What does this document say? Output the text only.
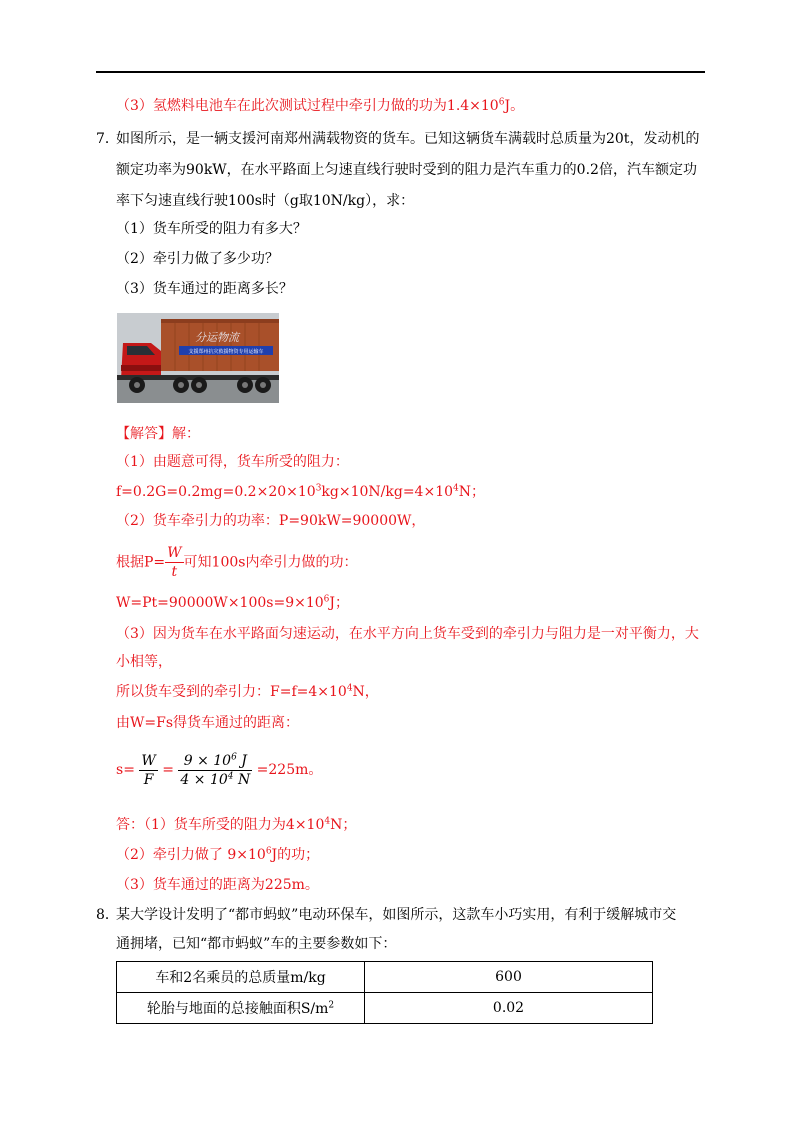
（3）氢燃料电池车在此次测试过程中牵引力做的功为$1.4\times 10^6J$。
7．如图所示，是一辆支援河南郑州满载物资的货车。已知这辆货车满载时总质量为20t，发动机的
额定功率为90kW，在水平路面上匀速直线行驶时受到的阻力是汽车重力的0.2倍，汽车额定功
率下匀速直线行驶100s时（g取10N/kg），求：
（1）货车所受的阻力有多大？
（2）牵引力做了多少功？
（3）货车通过的距离多长？
分运物流
支援郑州抗灾救援物资专用运输车
【解答】解：
（1）由题意可得，货车所受的阻力：
$f=0.2G=0.2mg=0.2\times 20\times 10^3kg\times 10N/kg=4\times 10^4N$；
（2）货车牵引力的功率：P=90kW=90000W，
根据$P= \frac{W}{t}$ 可知100s内牵引力做的功：
$W=Pt=90000W\times 100s=9\times 10^6J$；
（3）因为货车在水平路面匀速运动，在水平方向上货车受到的牵引力与阻力是一对平衡力，大
小相等，
所以货车受到的牵引力：$F=f=4\times 10^4N$，
由W=Fs得货车通过的距离：
$s= \frac{W}{F} = \frac{9 \times 10^6 J}{4 \times 10^4 N} =225m$。
答：（1）货车所受的阻力为$4\times 10^4N$；
（2）牵引力做了 $9\times 10^6J$的功；
（3）货车通过的距离为225m。
8．某大学设计发明了“都市蚂蚁”电动环保车，如图所示，这款车小巧实用，有利于缓解城市交
通拥堵，已知“都市蚂蚁”车的主要参数如下：
车和2名乘员的总质量m/kg	600
轮胎与地面的总接触面积$S/m^2$	0.02
